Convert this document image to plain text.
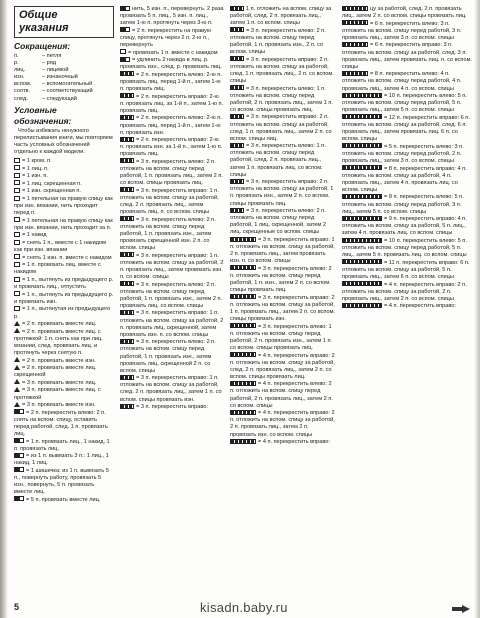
Общие указания
Сокращения:
п.	– петля
р.	– ряд
лиц.	– лицевой
изн.	– изнаночный
вспом.	– вспомогательный
соотв.	– соответствующий
след.	– следующий
Условные обозначения:
Чтобы избежать ненужного перелистывания книги, мы повторяем часть условных обозначений отдельно к каждой модели.
= 1 кром. п.
= 1 лиц. п.
= 1 изн. п.
= 1 лиц. скрещенная п.
= 1 изн. скрещенная п.
= 1 петельная на правую спицу как при изн. вязании, нить проходит перед п.
= 1 петельная на правую спицу как при изн. вязании, нить проходит за п.
= 1 накид
= снять 1 п., вместе с 1 накидом как при изн. вязании
= снять 1 изн. п. вместе с накидом
= 1 п. провязать лиц. вместе с накидом
= 1 п., вытянуть из предыдущего р. и провязать лиц., отпустить
= 1 п., вытянуть из предыдущего р. и провязать изн.
= 1 п., вытянутая из предыдущего р.
= 2 п. провязать вместе лиц.
= 2 п. провязать вместе лиц. с протяжкой: 1 п. снять как при лиц. вязании, след. провязать лиц. и протянуть через снятую п.
= 2 п. провязать вместе изн.
= 2 п. провязать вместе лиц. скрещенной
= 3 п. провязать вместе лиц.
= 3 п. провязать вместе лиц. с протяжкой
= 3 п. провязать вместе изн.
= 2 п. перекрестить влево: 2 п. снять на вспом. спицу, оставить перед работой, след. 1 п. провязать лиц.
= 1 п. провязать лиц., 1 накид, 1 п. провязать лиц.
= из 1 п. вывязать 3 п.: 1 лиц., 1 накид, 1 лиц.
= 1 шишечка: из 1 п. вывязать 5 п., повернуть работу, провязать 5 изн., повернуть, 5 п. провязать вместе лиц.
= 5 п. провязать вместе лиц.
нить, 5 изн. п., перевернуть. 2 раза провязать 5 п. лиц., 5 изн. п. лиц., затем 1-ю п. протянуть через 3-ю п.
= 2 п. перекрестить на правую спицу, протянуть через 2 п. 2-ю п., перевернуть
= провязать 1 п. вместе с накидом
= удлинить 2 накида в лиц. р. провязать изн., след. р. провязать лиц.
= 2 п. перекрестить влево: 2-ю п. провязать лиц. перед 1-й п., затем 1-ю п. провязать лиц.
= 2 п. перекрестить вправо: 2-ю п. провязать лиц. за 1-й п., затем 1-ю п. провязать лиц.
= 2 п. перекрестить влево: 2-ю п. провязать лиц. перед 1-й п., затем 1-ю п. провязать изн.
= 2 п. перекрестить вправо: 2-ю п. провязать изн. за 1-й п., затем 1-ю п. провязать лиц.
= 3 п. перекрестить влево: 2 п. отложить на вспом. спицу перед работой, 1 п. провязать лиц., затем 2 п. со вспом. спицы провязать лиц.
= 3 п. перекрестить вправо: 1 п. отложить на вспом. спицу за работой, след. 2 п. провязать лиц., затем провязать лиц. п. со вспом. спицы
= 3 п. перекрестить влево: 2 п. отложить на вспом. спицу перед работой, 1 п. провязать изн., затем провязать скрещенной изн. 2 п. со вспом. спицы
= 3 п. перекрестить вправо: 1 п. отложить на вспом. спицу за работой, 2 п. провязать лиц., затем провязать изн. п. со вспом. спицы
= 3 п. перекрестить влево: 2 п. отложить на вспом. спицу перед работой, 1 п. провязать изн., затем 2 п. провязать лиц. со вспом. спицы
= 3 п. перекрестить вправо: 1 п. отложить на вспом. спицу за работой, 2 п. провязать лиц. скрещенной, затем провязать изн. п. со вспом. спицы
= 3 п. перекрестить влево: 2 п. отложить на вспом. спицу перед работой, 1 п. провязать изн., затем провязать лиц. скрещенной 2 п. со вспом. спицы
= 3 п. перекрестить вправо: 1 п. отложить на вспом. спицу за работой, след. 2 п. провязать лиц., затем 1 п. со вспом. спицы провязать изн.
= 3 п. перекрестить вправо:
1 п. отложить на вспом. спицу за работой, след. 2 п. провязать лиц., затем 1 п. со вспом. спицы
= 3 п. перекрестить влево: 2 п. отложить на вспом. спицу перед работой, 1 п. провязать изн., 2 п. со вспом. спицы
= 3 п. перекрестить вправо: 2 п. отложить на вспом. спицу за работой, след. 1 п. провязать лиц., 2 п. со вспом. спицы
= 3 п. перекрестить влево: 1 п. отложить на вспом. спицу перед работой, 2 п. провязать лиц., затем 1 п. со вспом. спицы провязать лиц.
= 3 п. перекрестить вправо: 2 п. отложить на вспом. спицу за работой, след. 1 п. провязать лиц., затем 2 п. со вспом. спицы лиц.
= 3 п. перекрестить влево: 1 п. отложить на вспом. спицу перед работой, след. 2 п. провязать лиц., затем 1 п. провязать лиц. со вспом. спицы
= 3 п. перекрестить вправо: 2 п. отложить на вспом. спицу за работой, 1 п. провязать изн., затем 2 п. со вспом. спицы провязать лиц.
= 3 п. перекрестить влево: 2 п. отложить на вспом. спицу перед работой, 1 лиц. скрещенной, затем 2 лиц. скрещенные со вспом. спицы
= 3 п. перекрестить вправо: 1 п. отложить на вспом. спицу за работой, 2 п. провязать лиц., затем провязать изн. п. со вспом. спицы
= 3 п. перекрестить влево: 2 п. отложить на вспом. спицу перед работой, 1 п. изн., затем 2 п. со вспом. спицы провязать лиц.
= 3 п. перекрестить вправо: 2 п. отложить на вспом. спицу за работой, 1 п. провязать лиц., затем 2 п. со вспом. спицы провязать изн.
= 3 п. перекрестить влево: 1 п. отложить на вспом. спицу перед работой, 2 п. провязать изн., затем 1 п. со вспом. спицы провязать лиц.
= 4 п. перекрестить вправо: 2 п. отложить на вспом. спицу за работой, след. 2 п. провязать лиц., затем 2 п. со вспом. спицы провязать лиц.
= 4 п. перекрестить влево: 2 п. отложить на вспом. спицу перед работой, 2 п. провязать лиц., затем 2 п. со вспом. спицы
= 4 п. перекрестить вправо: 2 п. отложить на вспом. спицу за работой, 2 п. провязать лиц., затем 2 п. провязать изн. со вспом. спицы
= 4 п. перекрестить вправо:
цу за работой, след. 2 п. провязать лиц., затем 2 п. со вспом. спицы провязать лиц.
= 6 п. перекрестить влево: 3 п. отложить на вспом. спицу перед работой, 3 п. провязать лиц., затем 3 п. со вспом. спицы
= 6 п. перекрестить вправо: 3 п. отложить на вспом. спицу за работой, след. 3 п. провязать лиц., затем провязать лиц. п. со вспом. спицы
= 8 п. перекрестить влево: 4 п. отложить на вспом. спицу перед работой, 4 п. провязать лиц., затем 4 п. со вспом. спицы
= 10 п. перекрестить влево: 5 п. отложить на вспом. спицу перед работой, 5 п. провязать лиц., затем 5 п. со вспом. спицы
= 12 п. перекрестить вправо: 6 п. отложить на вспом. спицу за работой, след. 6 п. провязать лиц., затем провязать лиц. 6 п. со вспом. спицы
= 5 п. перекрестить влево: 3 п. отложить на вспом. спицу перед работой, 2 п. провязать лиц., затем 3 п. со вспом. спицы
= 8 п. перекрестить вправо: 4 п. отложить на вспом. спицу за работой, 4 п. провязать лиц., затем 4 п. провязать лиц. со вспом. спицы
= 8 п. перекрестить влево: 5 п. отложить на вспом. спицу перед работой, 3 п. лиц., затем 5 п. со вспом. спицы
= 9 п. перекрестить вправо: 4 п. отложить на вспом. спицу за работой, 5 п. лиц., затем 4 п. провязать лиц. со вспом. спицы
= 10 п. перекрестить влево: 5 п. отложить на вспом. спицу перед работой, 5 п. лиц., затем 5 п. провязать лиц. со вспом. спицы
= 11 п. перекрестить вправо: 6 п. отложить на вспом. спицу за работой, 5 п. провязать лиц., затем 6 п. со вспом. спицы
= 4 п. перекрестить вправо: 2 п. отложить на вспом. спицу за работой, 2 п. провязать лиц., затем 2 п. со вспом. спицы
= 4 п. перекрестить вправо:
5	kisadn.baby.ru
